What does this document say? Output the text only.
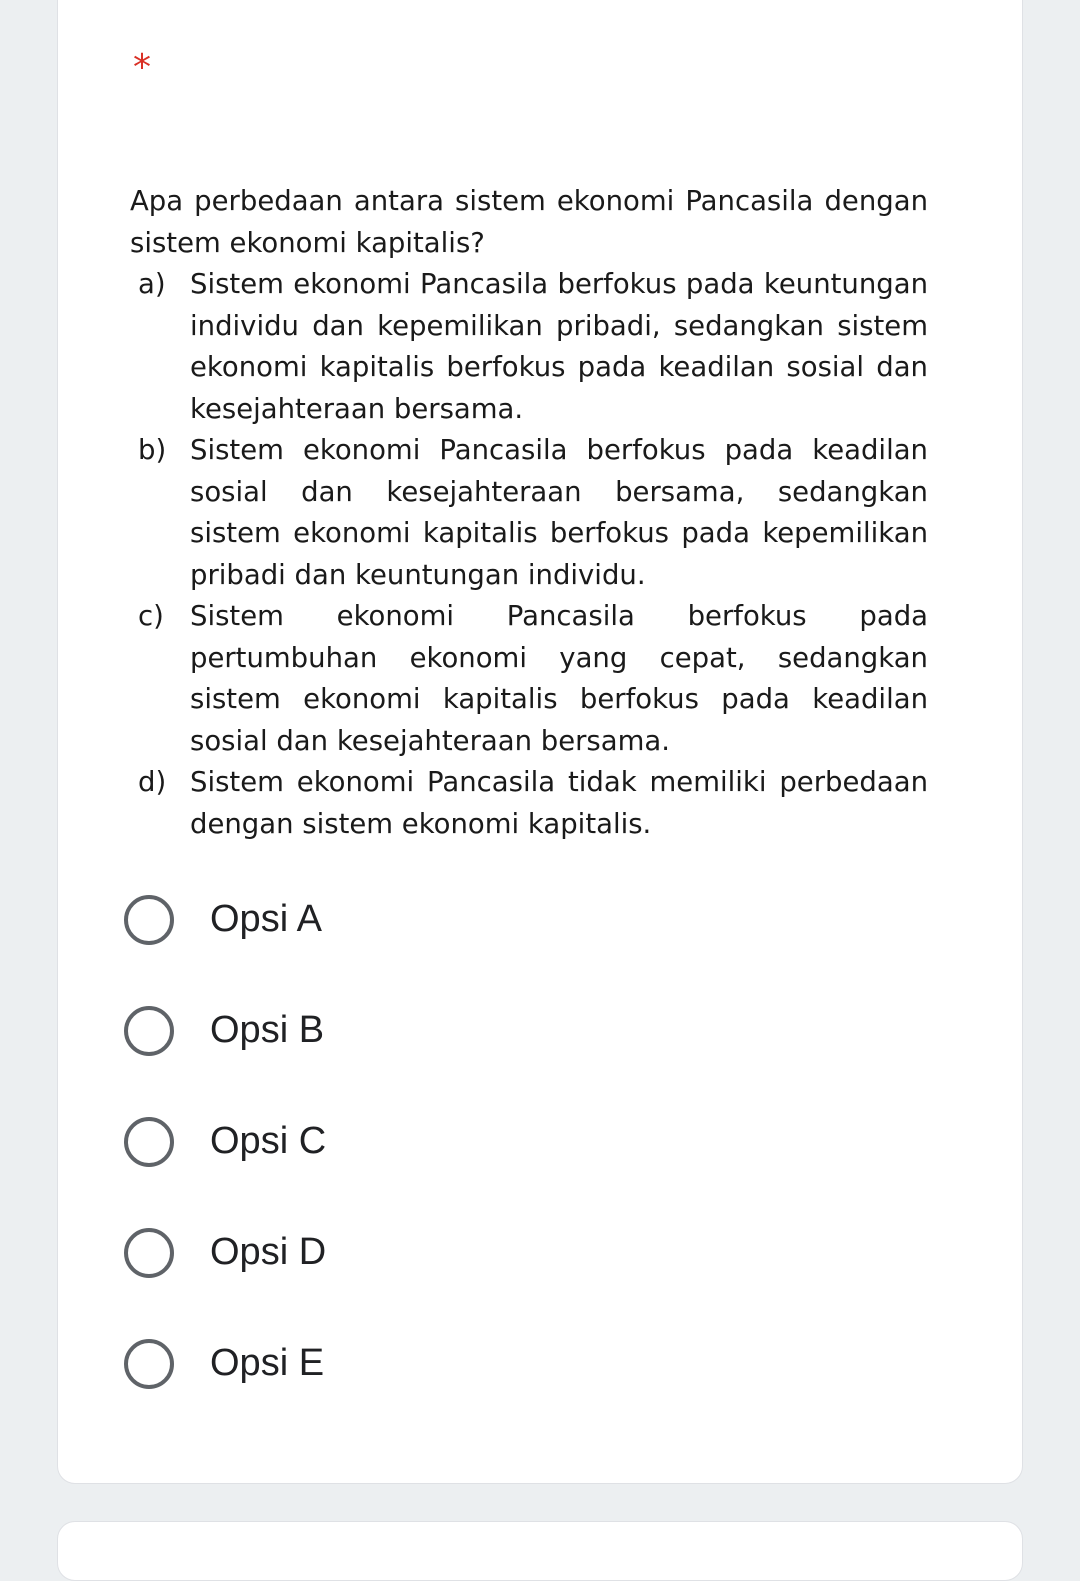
*

Apa perbedaan antara sistem ekonomi Pancasila dengan sistem ekonomi kapitalis?

a) Sistem ekonomi Pancasila berfokus pada keuntungan individu dan kepemilikan pribadi, sedangkan sistem ekonomi kapitalis berfokus pada keadilan sosial dan kesejahteraan bersama.
b) Sistem ekonomi Pancasila berfokus pada keadilan sosial dan kesejahteraan bersama, sedangkan sistem ekonomi kapitalis berfokus pada kepemilikan pribadi dan keuntungan individu.
c) Sistem ekonomi Pancasila berfokus pada pertumbuhan ekonomi yang cepat, sedangkan sistem ekonomi kapitalis berfokus pada keadilan sosial dan kesejahteraan bersama.
d) Sistem ekonomi Pancasila tidak memiliki perbedaan dengan sistem ekonomi kapitalis.
Opsi A
Opsi B
Opsi C
Opsi D
Opsi E
